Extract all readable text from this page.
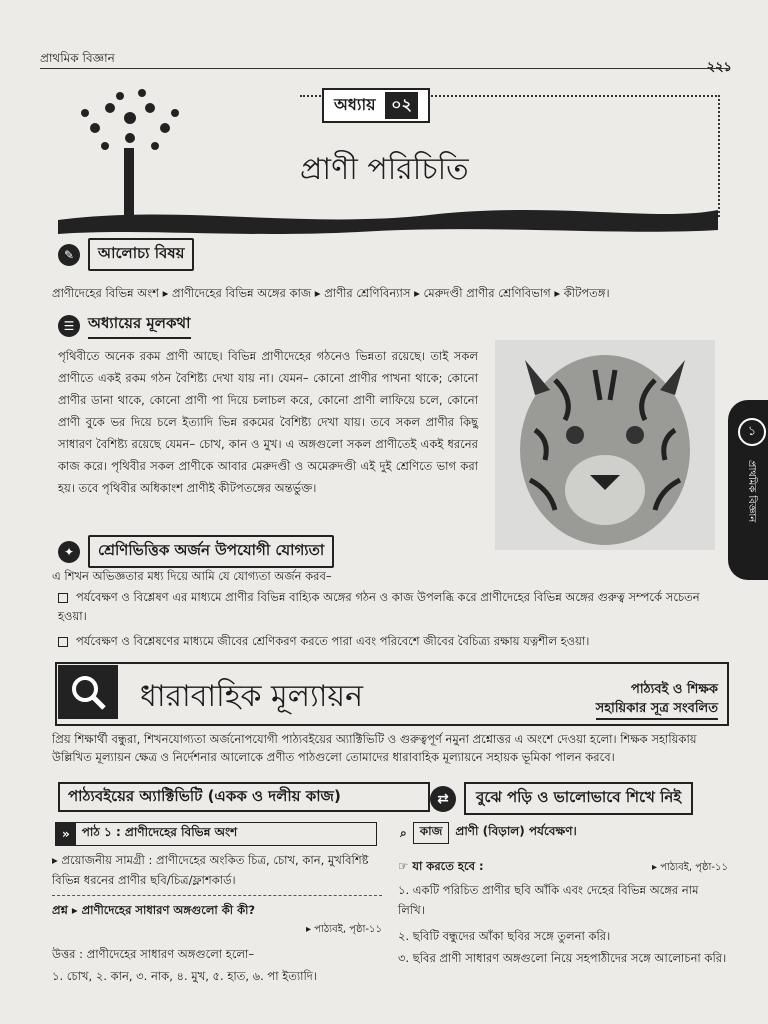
প্রাথমিক বিজ্ঞান
২২১
অধ্যায় ০২
প্রাণী পরিচিতি
✎	আলোচ্য বিষয়
প্রাণীদেহের বিভিন্ন অংশ ▸ প্রাণীদেহের বিভিন্ন অঙ্গের কাজ ▸ প্রাণীর শ্রেণিবিন্যাস ▸ মেরুদণ্ডী প্রাণীর শ্রেণিবিভাগ ▸ কীটপতঙ্গ।
☰ অধ্যায়ের মূলকথা
পৃথিবীতে অনেক রকম প্রাণী আছে। বিভিন্ন প্রাণীদেহের গঠনেও ভিন্নতা রয়েছে। তাই সকল প্রাণীতে একই রকম গঠন বৈশিষ্ট্য দেখা যায় না। যেমন– কোনো প্রাণীর পাখনা থাকে; কোনো প্রাণীর ডানা থাকে, কোনো প্রাণী পা দিয়ে চলাচল করে, কোনো প্রাণী লাফিয়ে চলে, কোনো প্রাণী বুকে ভর দিয়ে চলে ইত্যাদি ভিন্ন রকমের বৈশিষ্ট্য দেখা যায়। তবে সকল প্রাণীর কিছু সাধারণ বৈশিষ্ট্য রয়েছে যেমন– চোখ, কান ও মুখ। এ অঙ্গগুলো সকল প্রাণীতেই একই ধরনের কাজ করে। পৃথিবীর সকল প্রাণীকে আবার মেরুদণ্ডী ও অমেরুদণ্ডী এই দুই শ্রেণিতে ভাগ করা হয়। তবে পৃথিবীর অধিকাংশ প্রাণীই কীটপতঙ্গের অন্তর্ভুক্ত।
১
প্রাথমিক বিজ্ঞান
✦	শ্রেণিভিত্তিক অর্জন উপযোগী যোগ্যতা
এ শিখন অভিজ্ঞতার মধ্য দিয়ে আমি যে যোগ্যতা অর্জন করব–
পর্যবেক্ষণ ও বিশ্লেষণ এর মাধ্যমে প্রাণীর বিভিন্ন বাহ্যিক অঙ্গের গঠন ও কাজ উপলব্ধি করে প্রাণীদেহের বিভিন্ন অঙ্গের গুরুত্ব সম্পর্কে সচেতন হওয়া।
পর্যবেক্ষণ ও বিশ্লেষণের মাধ্যমে জীবের শ্রেণিকরণ করতে পারা এবং পরিবেশে জীবের বৈচিত্র্য রক্ষায় যত্নশীল হওয়া।
ধারাবাহিক মূল্যায়ন	পাঠ্যবই ও শিক্ষক
সহায়িকার সূত্র সংবলিত
প্রিয় শিক্ষার্থী বন্ধুরা, শিখনযোগ্যতা অর্জনোপযোগী পাঠ্যবইয়ের অ্যাক্টিভিটি ও গুরুত্বপূর্ণ নমুনা প্রশ্নোত্তর এ অংশে দেওয়া হলো। শিক্ষক সহায়িকায় উল্লিখিত মূল্যায়ন ক্ষেত্র ও নির্দেশনার আলোকে প্রণীত পাঠগুলো তোমাদের ধারাবাহিক মূল্যায়নে সহায়ক ভূমিকা পালন করবে।
পাঠ্যবইয়ের অ্যাক্টিভিটি (একক ও দলীয় কাজ)	⇄	বুঝে পড়ি ও ভালোভাবে শিখে নিই
»	পাঠ ১ : প্রাণীদেহের বিভিন্ন অংশ
▸ প্রয়োজনীয় সামগ্রী : প্রাণীদেহের অংকিত চিত্র, চোখ, কান, মুখবিশিষ্ট বিভিন্ন ধরনের প্রাণীর ছবি/চিত্র/ফ্লাশকার্ড।
প্রশ্ন ▸ প্রাণীদেহের সাধারণ অঙ্গগুলো কী কী?
▸ পাঠ্যবই, পৃষ্ঠা-১১
উত্তর : প্রাণীদেহের সাধারণ অঙ্গগুলো হলো–
১. চোখ, ২. কান, ৩. নাক, ৪. মুখ, ৫. হাত, ৬. পা ইত্যাদি।
⌕	কাজ	প্রাণী (বিড়াল) পর্যবেক্ষণ।
☞ যা করতে হবে :	▸ পাঠ্যবই, পৃষ্ঠা-১১
১. একটি পরিচিত প্রাণীর ছবি আঁকি এবং দেহের বিভিন্ন অঙ্গের নাম লিখি।
২. ছবিটি বন্ধুদের আঁকা ছবির সঙ্গে তুলনা করি।
৩. ছবির প্রাণী সাধারণ অঙ্গগুলো নিয়ে সহপাঠীদের সঙ্গে আলোচনা করি।
